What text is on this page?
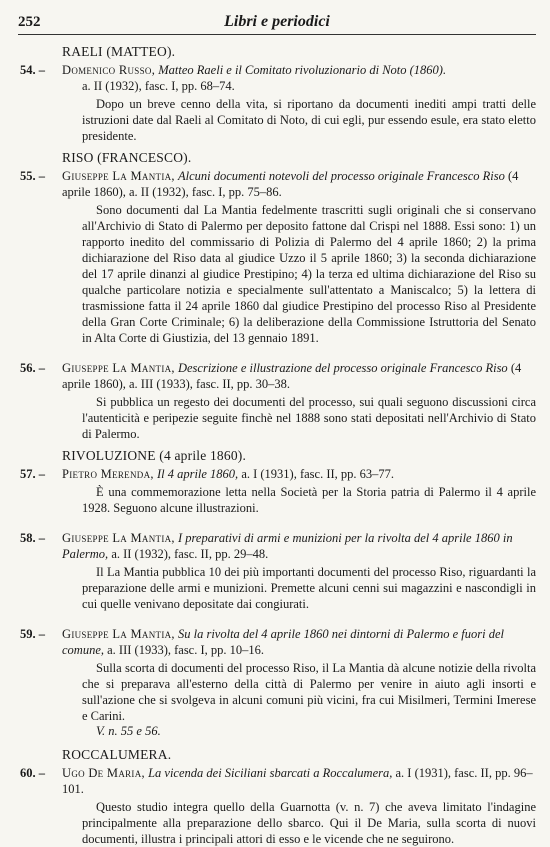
252	Libri e periodici
RAELI (MATTEO).
54. – Domenico Russo, Matteo Raeli e il Comitato rivoluzionario di Noto (1860).
a. II (1932), fasc. I, pp. 68–74.

Dopo un breve cenno della vita, si riportano da documenti inediti ampi tratti delle istruzioni date dal Raeli al Comitato di Noto, di cui egli, pur essendo esule, era stato eletto presidente.

RISO (FRANCESCO).
55. – Giuseppe La Mantia, Alcuni documenti notevoli del processo originale Francesco Riso (4 aprile 1860), a. II (1932), fasc. I, pp. 75–86.

Sono documenti dal La Mantia fedelmente trascritti sugli originali che si conservano all'Archivio di Stato di Palermo per deposito fattone dal Crispi nel 1888. Essi sono: 1) un rapporto inedito del commissario di Polizia di Palermo del 4 aprile 1860; 2) la prima dichiarazione del Riso data al giudice Uzzo il 5 aprile 1860; 3) la seconda dichiarazione del 17 aprile dinanzi al giudice Prestipino; 4) la terza ed ultima dichiarazione del Riso su qualche particolare notizia e specialmente sull'attentato a Maniscalco; 5) la lettera di trasmissione fatta il 24 aprile 1860 dal giudice Prestipino del processo Riso al Presidente della Gran Corte Criminale; 6) la deliberazione della Commissione Istruttoria del Senato in Alta Corte di Giustizia, del 13 gennaio 1891.

56. – Giuseppe La Mantia, Descrizione e illustrazione del processo originale Francesco Riso (4 aprile 1860), a. III (1933), fasc. II, pp. 30–38.

Si pubblica un regesto dei documenti del processo, sui quali seguono discussioni circa l'autenticità e peripezie seguite finchè nel 1888 sono stati depositati nell'Archivio di Stato di Palermo.

RIVOLUZIONE (4 aprile 1860).
57. – Pietro Merenda, Il 4 aprile 1860, a. I (1931), fasc. II, pp. 63–77.

È una commemorazione letta nella Società per la Storia patria di Palermo il 4 aprile 1928. Seguono alcune illustrazioni.

58. – Giuseppe La Mantia, I preparativi di armi e munizioni per la rivolta del 4 aprile 1860 in Palermo, a. II (1932), fasc. II, pp. 29–48.

Il La Mantia pubblica 10 dei più importanti documenti del processo Riso, riguardanti la preparazione delle armi e munizioni. Premette alcuni cenni sui magazzini e nascondigli in cui quelle venivano depositate dai congiurati.

59. – Giuseppe La Mantia, Su la rivolta del 4 aprile 1860 nei dintorni di Palermo e fuori del comune, a. III (1933), fasc. I, pp. 10–16.

Sulla scorta di documenti del processo Riso, il La Mantia dà alcune notizie della rivolta che si preparava all'esterno della città di Palermo per venire in aiuto agli insorti e sull'azione che si svolgeva in alcuni comuni più vicini, fra cui Misilmeri, Termini Imerese e Carini.

V. n. 55 e 56.
ROCCALUMERA.
60. – Ugo De Maria, La vicenda dei Siciliani sbarcati a Roccalumera, a. I (1931), fasc. II, pp. 96–101.

Questo studio integra quello della Guarnotta (v. n. 7) che aveva limitato l'indagine principalmente alla preparazione dello sbarco. Qui il De Maria, sulla scorta di nuovi documenti, illustra i principali attori di esso e le vicende che ne seguirono.
